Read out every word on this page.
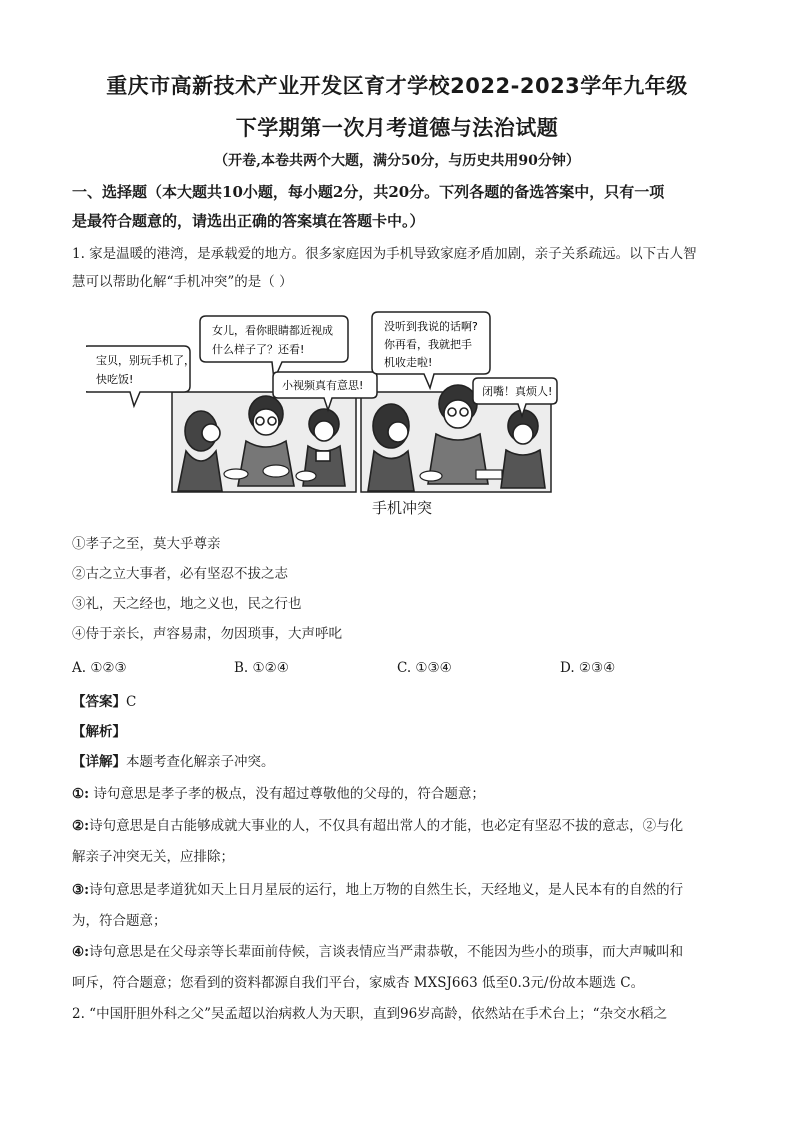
重庆市高新技术产业开发区育才学校2022-2023学年九年级
下学期第一次月考道德与法治试题
（开卷,本卷共两个大题，满分50分，与历史共用90分钟）
一、选择题（本大题共10小题，每小题2分，共20分。下列各题的备选答案中，只有一项
是最符合题意的，请选出正确的答案填在答题卡中。）
1. 家是温暖的港湾，是承载爱的地方。很多家庭因为手机导致家庭矛盾加剧，亲子关系疏远。以下古人智
慧可以帮助化解“手机冲突”的是（ ）
宝贝，别玩手机了，
快吃饭!
女儿，看你眼睛都近视成
什么样子了？还看!
小视频真有意思!
没听到我说的话啊?
你再看，我就把手
机收走啦!
闭嘴！真烦人!
手机冲突
①孝子之至，莫大乎尊亲
②古之立大事者，必有坚忍不拔之志
③礼，天之经也，地之义也，民之行也
④侍于亲长，声容易肃，勿因琐事，大声呼叱
A. ①②③	B. ①②④	C. ①③④	D. ②③④
【答案】C
【解析】
【详解】本题考查化解亲子冲突。
①: 诗句意思是孝子孝的极点，没有超过尊敬他的父母的，符合题意；
②:诗句意思是自古能够成就大事业的人，不仅具有超出常人的才能，也必定有坚忍不拔的意志，②与化
解亲子冲突无关，应排除；
③:诗句意思是孝道犹如天上日月星辰的运行，地上万物的自然生长，天经地义，是人民本有的自然的行
为，符合题意；
④:诗句意思是在父母亲等长辈面前侍候，言谈表情应当严肃恭敬，不能因为些小的琐事，而大声喊叫和
呵斥，符合题意；您看到的资料都源自我们平台，家威杏 MXSJ663 低至0.3元/份故本题选 C。
2. “中国肝胆外科之父”吴孟超以治病救人为天职，直到96岁高龄，依然站在手术台上；“杂交水稻之
